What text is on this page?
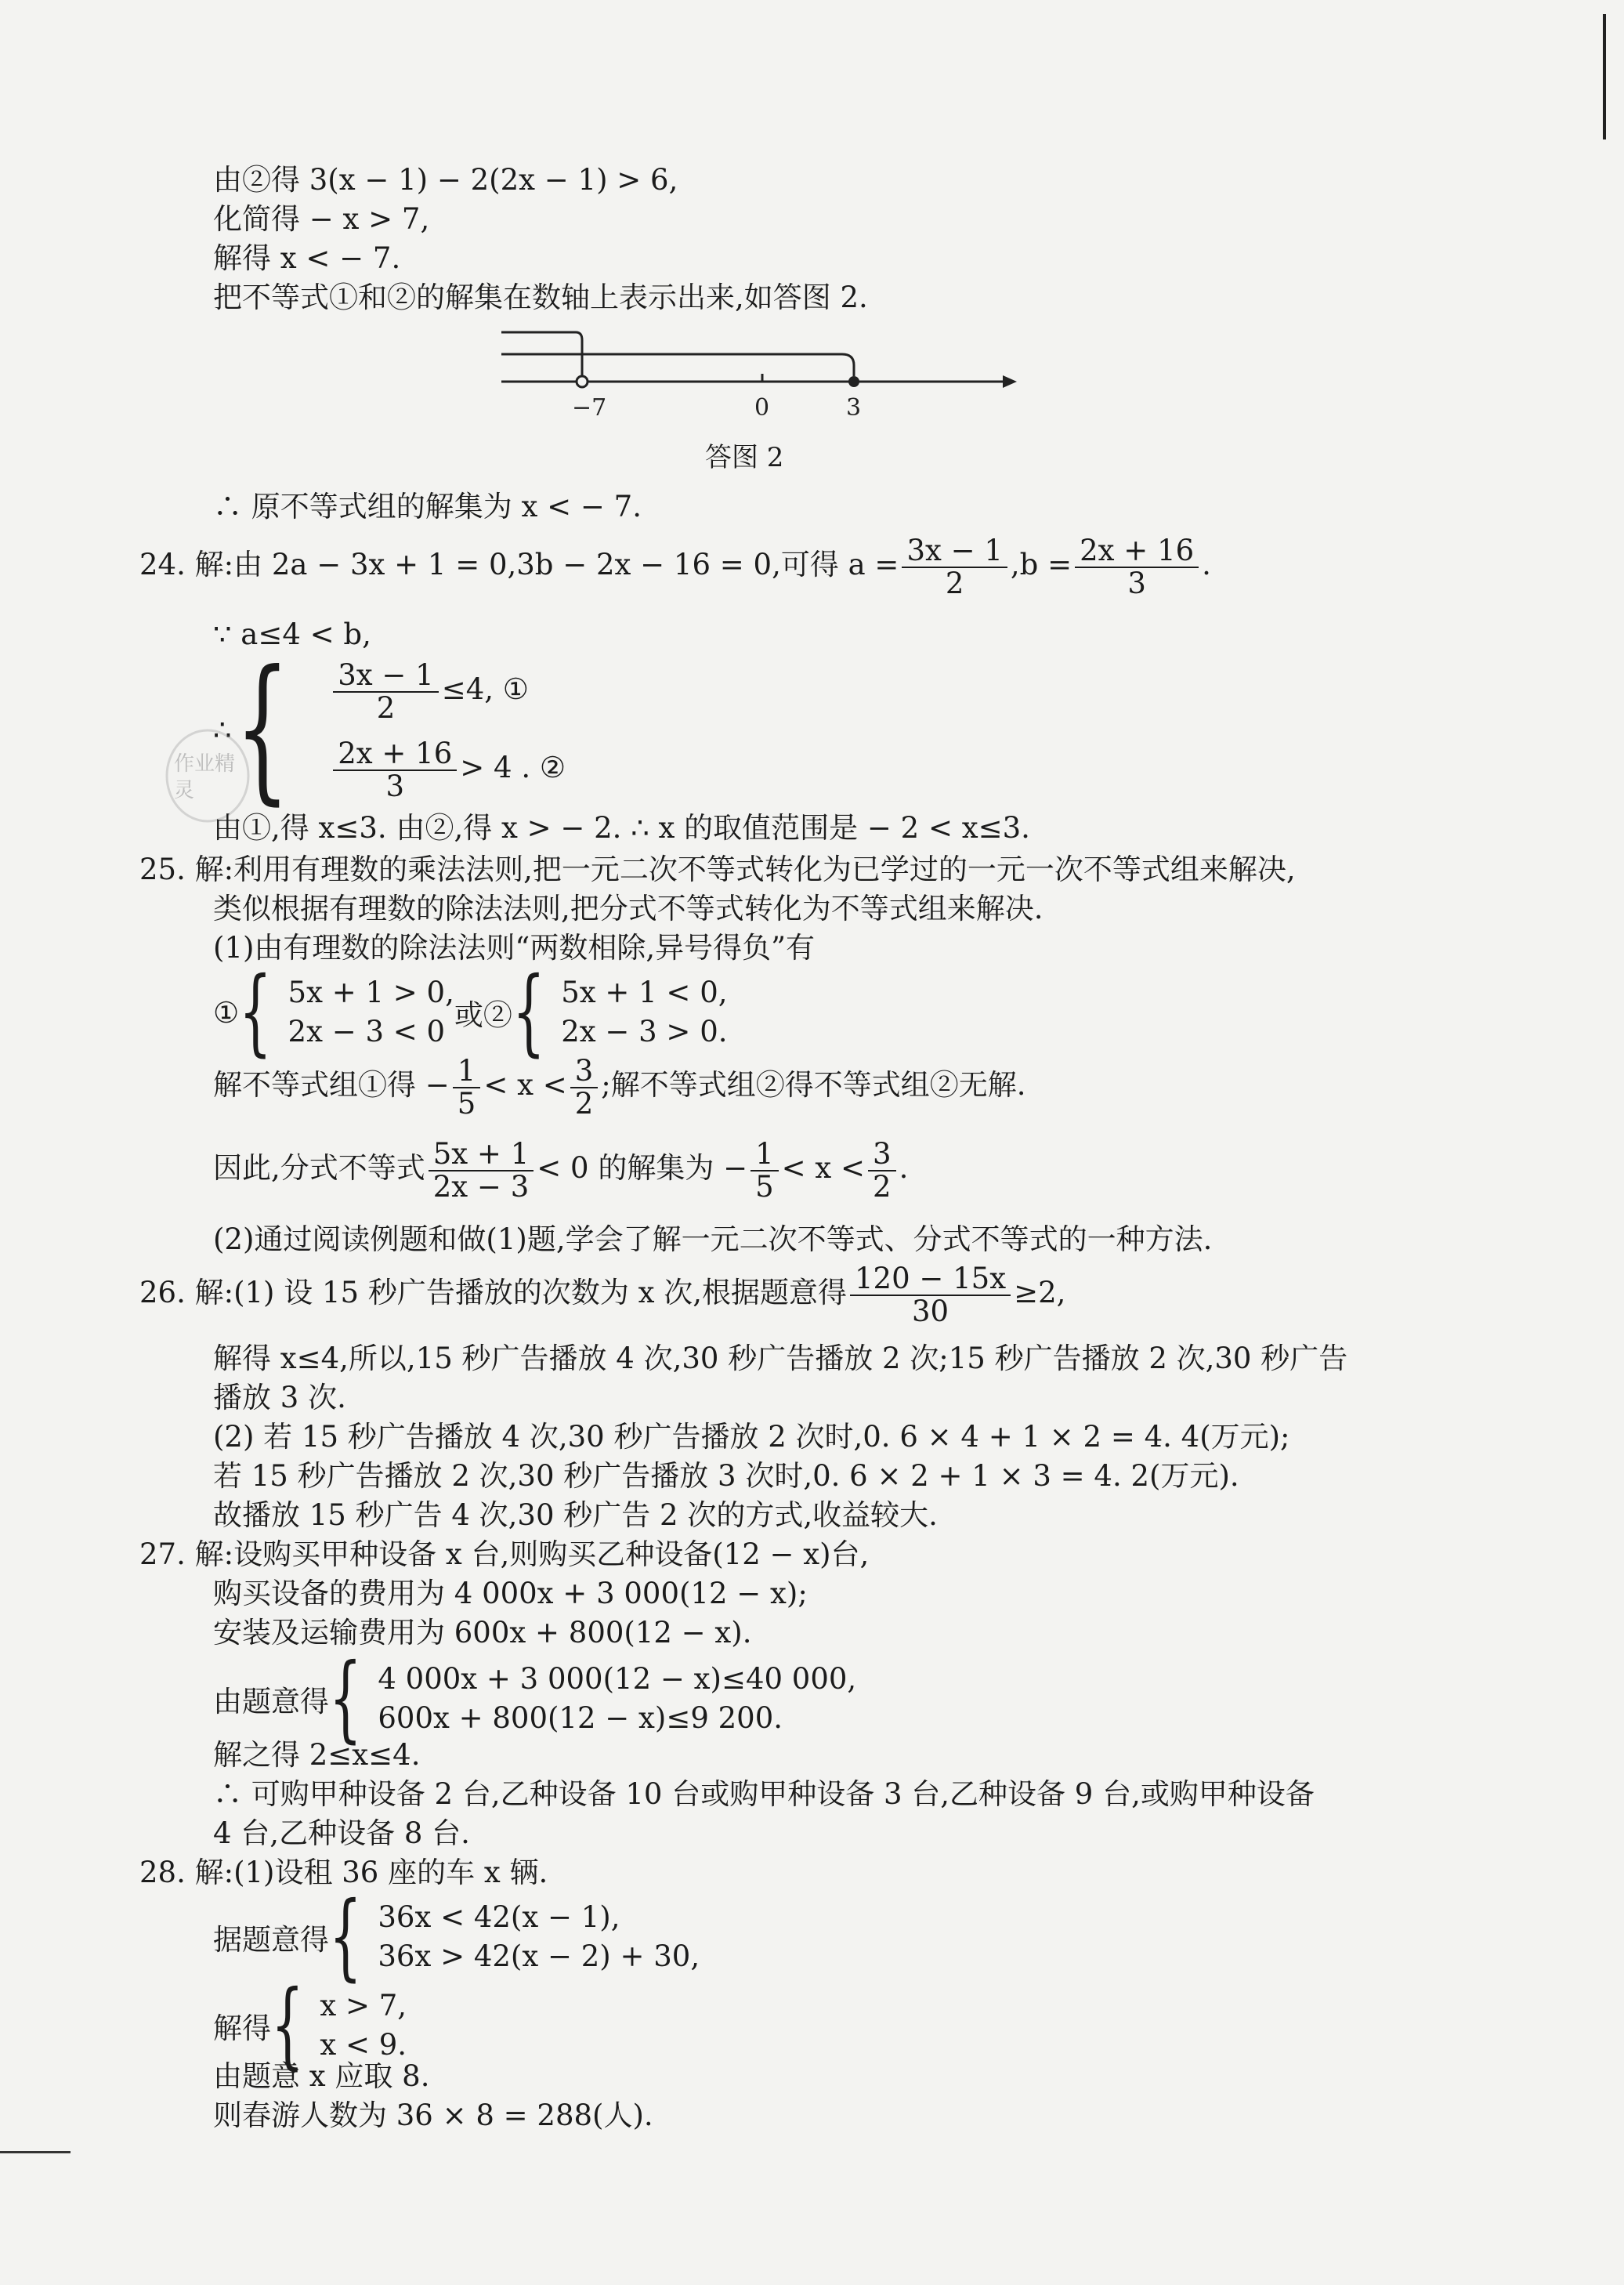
由②得 3(x − 1) − 2(2x − 1) > 6,
化简得 − x > 7,
解得 x < − 7.
把不等式①和②的解集在数轴上表示出来,如答图 2.
−7	0	3
答图 2
∴ 原不等式组的解集为 x < − 7.
24. 解:由 2a − 3x + 1 = 0,3b − 2x − 16 = 0,可得 $a = \frac{3x - 1}{2} ,b = \frac{2x + 16}{3}$ .
∵ a≤4 < b,
∴ { $\frac{3x - 1}{2} \le 4$, ①
$\frac{2x + 16}{3} > 4$ . ②
作业精灵
由①,得 x≤3. 由②,得 x > − 2. ∴ x 的取值范围是 − 2 < x≤3.
25. 解:利用有理数的乘法法则,把一元二次不等式转化为已学过的一元一次不等式组来解决,
类似根据有理数的除法法则,把分式不等式转化为不等式组来解决.
(1)由有理数的除法法则“两数相除,异号得负”有
① { 5x + 1 > 0,
2x − 3 < 0 或② { 5x + 1 < 0,
2x − 3 > 0.
解不等式组①得 − $\frac{1}{5} < x < \frac{3}{2}$ ;解不等式组②得不等式组②无解.
因此,分式不等式 $\frac{5x + 1}{2x - 3} < 0$ 的解集为 − $\frac{1}{5} < x < \frac{3}{2}$ .
(2)通过阅读例题和做(1)题,学会了解一元二次不等式、分式不等式的一种方法.
26. 解:(1) 设 15 秒广告播放的次数为 x 次,根据题意得 $\frac{120 - 15x}{30} \ge 2$,
解得 x≤4,所以,15 秒广告播放 4 次,30 秒广告播放 2 次;15 秒广告播放 2 次,30 秒广告
播放 3 次.
(2) 若 15 秒广告播放 4 次,30 秒广告播放 2 次时,0. 6 × 4 + 1 × 2 = 4. 4(万元);
若 15 秒广告播放 2 次,30 秒广告播放 3 次时,0. 6 × 2 + 1 × 3 = 4. 2(万元).
故播放 15 秒广告 4 次,30 秒广告 2 次的方式,收益较大.
27. 解:设购买甲种设备 x 台,则购买乙种设备(12 − x)台,
购买设备的费用为 4 000x + 3 000(12 − x);
安装及运输费用为 600x + 800(12 − x).
由题意得 { 4 000x + 3 000(12 − x)≤40 000,
600x + 800(12 − x)≤9 200.
解之得 2≤x≤4.
∴ 可购甲种设备 2 台,乙种设备 10 台或购甲种设备 3 台,乙种设备 9 台,或购甲种设备
4 台,乙种设备 8 台.
28. 解:(1)设租 36 座的车 x 辆.
据题意得 { 36x < 42(x − 1),
36x > 42(x − 2) + 30,
解得 { x > 7,
x < 9.
由题意 x 应取 8.
则春游人数为 36 × 8 = 288(人).
